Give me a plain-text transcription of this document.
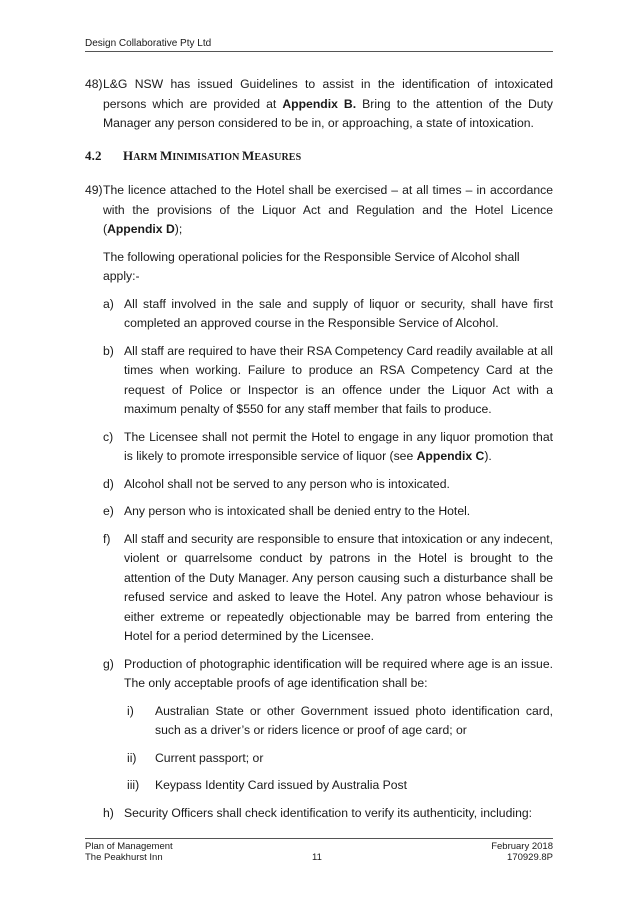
Design Collaborative Pty Ltd

48) L&G NSW has issued Guidelines to assist in the identification of intoxicated persons which are provided at Appendix B. Bring to the attention of the Duty Manager any person considered to be in, or approaching, a state of intoxication.

4.2 HARM MINIMISATION MEASURES

49) The licence attached to the Hotel shall be exercised – at all times – in accordance with the provisions of the Liquor Act and Regulation and the Hotel Licence (Appendix D);

The following operational policies for the Responsible Service of Alcohol shall apply:-

a) All staff involved in the sale and supply of liquor or security, shall have first completed an approved course in the Responsible Service of Alcohol.
b) All staff are required to have their RSA Competency Card readily available at all times when working. Failure to produce an RSA Competency Card at the request of Police or Inspector is an offence under the Liquor Act with a maximum penalty of $550 for any staff member that fails to produce.
c) The Licensee shall not permit the Hotel to engage in any liquor promotion that is likely to promote irresponsible service of liquor (see Appendix C).
d) Alcohol shall not be served to any person who is intoxicated.
e) Any person who is intoxicated shall be denied entry to the Hotel.
f) All staff and security are responsible to ensure that intoxication or any indecent, violent or quarrelsome conduct by patrons in the Hotel is brought to the attention of the Duty Manager. Any person causing such a disturbance shall be refused service and asked to leave the Hotel. Any patron whose behaviour is either extreme or repeatedly objectionable may be barred from entering the Hotel for a period determined by the Licensee.
g) Production of photographic identification will be required where age is an issue. The only acceptable proofs of age identification shall be:
i) Australian State or other Government issued photo identification card, such as a driver’s or riders licence or proof of age card; or
ii) Current passport; or
iii) Keypass Identity Card issued by Australia Post
h) Security Officers shall check identification to verify its authenticity, including:
Plan of Management
The Peakhurst Inn	11
February 2018
170929.8P
